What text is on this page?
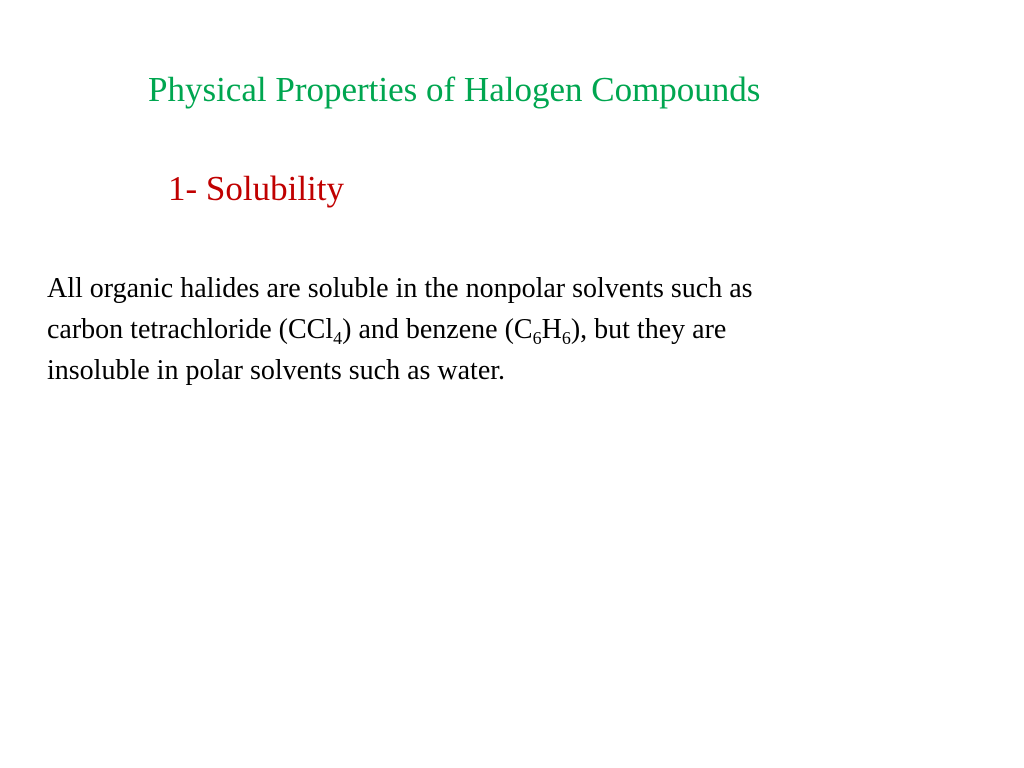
Physical Properties of Halogen Compounds
1- Solubility

All organic halides are soluble in the nonpolar solvents such as
carbon tetrachloride (CCl$_4$) and benzene $(C_6H_6)$, but they are
insoluble in polar solvents such as water.
